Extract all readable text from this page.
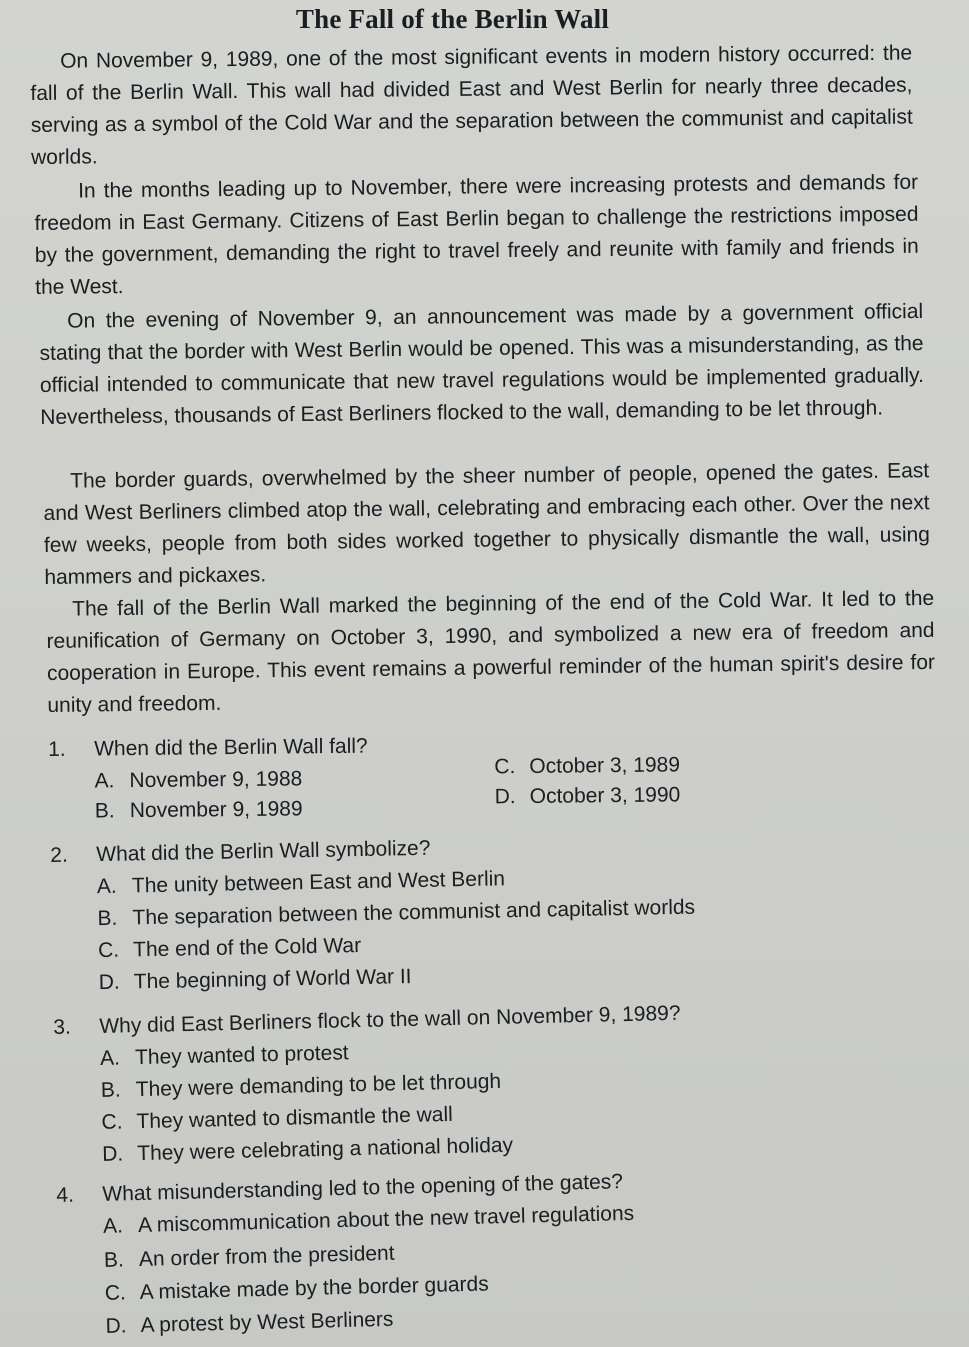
The Fall of the Berlin Wall

On November 9, 1989, one of the most significant events in modern history occurred: the fall of the Berlin Wall. This wall had divided East and West Berlin for nearly three decades, serving as a symbol of the Cold War and the separation between the communist and capitalist worlds.

In the months leading up to November, there were increasing protests and demands for freedom in East Germany. Citizens of East Berlin began to challenge the restrictions imposed by the government, demanding the right to travel freely and reunite with family and friends in the West.

On the evening of November 9, an announcement was made by a government official stating that the border with West Berlin would be opened. This was a misunderstanding, as the official intended to communicate that new travel regulations would be implemented gradually. Nevertheless, thousands of East Berliners flocked to the wall, demanding to be let through.

The border guards, overwhelmed by the sheer number of people, opened the gates. East and West Berliners climbed atop the wall, celebrating and embracing each other. Over the next few weeks, people from both sides worked together to physically dismantle the wall, using hammers and pickaxes.

The fall of the Berlin Wall marked the beginning of the end of the Cold War. It led to the reunification of Germany on October 3, 1990, and symbolized a new era of freedom and cooperation in Europe. This event remains a powerful reminder of the human spirit's desire for unity and freedom.

1. When did the Berlin Wall fall?
A. November 9, 1988
B. November 9, 1989
C. October 3, 1989
D. October 3, 1990
2. What did the Berlin Wall symbolize?
A. The unity between East and West Berlin
B. The separation between the communist and capitalist worlds
C. The end of the Cold War
D. The beginning of World War II
3. Why did East Berliners flock to the wall on November 9, 1989?
A. They wanted to protest
B. They were demanding to be let through
C. They wanted to dismantle the wall
D. They were celebrating a national holiday
4. What misunderstanding led to the opening of the gates?
A. A miscommunication about the new travel regulations
B. An order from the president
C. A mistake made by the border guards
D. A protest by West Berliners
